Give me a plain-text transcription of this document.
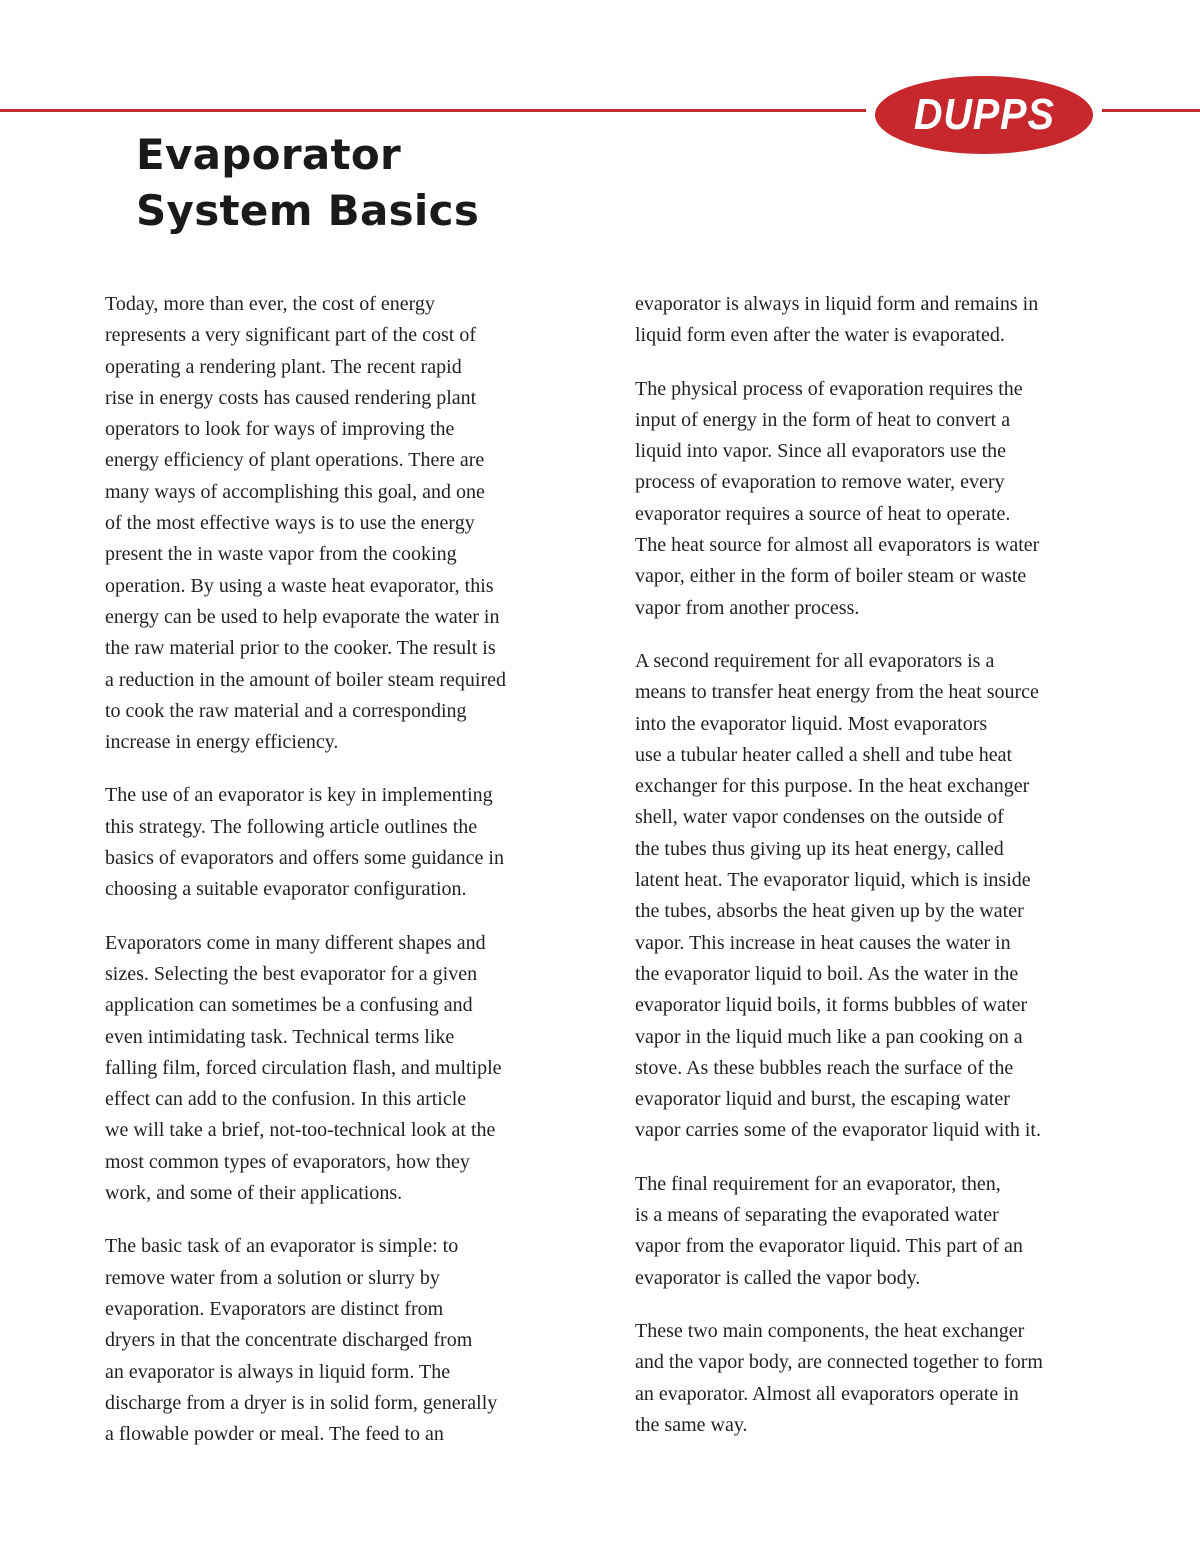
DUPPS
Evaporator
System Basics

Today, more than ever, the cost of energy
represents a very significant part of the cost of
operating a rendering plant. The recent rapid
rise in energy costs has caused rendering plant
operators to look for ways of improving the
energy efficiency of plant operations. There are
many ways of accomplishing this goal, and one
of the most effective ways is to use the energy
present the in waste vapor from the cooking
operation. By using a waste heat evaporator, this
energy can be used to help evaporate the water in
the raw material prior to the cooker. The result is
a reduction in the amount of boiler steam required
to cook the raw material and a corresponding
increase in energy efficiency.

The use of an evaporator is key in implementing
this strategy. The following article outlines the
basics of evaporators and offers some guidance in
choosing a suitable evaporator configuration.

Evaporators come in many different shapes and
sizes. Selecting the best evaporator for a given
application can sometimes be a confusing and
even intimidating task. Technical terms like
falling film, forced circulation flash, and multiple
effect can add to the confusion. In this article
we will take a brief, not-too-technical look at the
most common types of evaporators, how they
work, and some of their applications.

The basic task of an evaporator is simple: to
remove water from a solution or slurry by
evaporation. Evaporators are distinct from
dryers in that the concentrate discharged from
an evaporator is always in liquid form. The
discharge from a dryer is in solid form, generally
a flowable powder or meal. The feed to an

evaporator is always in liquid form and remains in
liquid form even after the water is evaporated.

The physical process of evaporation requires the
input of energy in the form of heat to convert a
liquid into vapor. Since all evaporators use the
process of evaporation to remove water, every
evaporator requires a source of heat to operate.
The heat source for almost all evaporators is water
vapor, either in the form of boiler steam or waste
vapor from another process.

A second requirement for all evaporators is a
means to transfer heat energy from the heat source
into the evaporator liquid. Most evaporators
use a tubular heater called a shell and tube heat
exchanger for this purpose. In the heat exchanger
shell, water vapor condenses on the outside of
the tubes thus giving up its heat energy, called
latent heat. The evaporator liquid, which is inside
the tubes, absorbs the heat given up by the water
vapor. This increase in heat causes the water in
the evaporator liquid to boil. As the water in the
evaporator liquid boils, it forms bubbles of water
vapor in the liquid much like a pan cooking on a
stove. As these bubbles reach the surface of the
evaporator liquid and burst, the escaping water
vapor carries some of the evaporator liquid with it.

The final requirement for an evaporator, then,
is a means of separating the evaporated water
vapor from the evaporator liquid. This part of an
evaporator is called the vapor body.

These two main components, the heat exchanger
and the vapor body, are connected together to form
an evaporator. Almost all evaporators operate in
the same way.
